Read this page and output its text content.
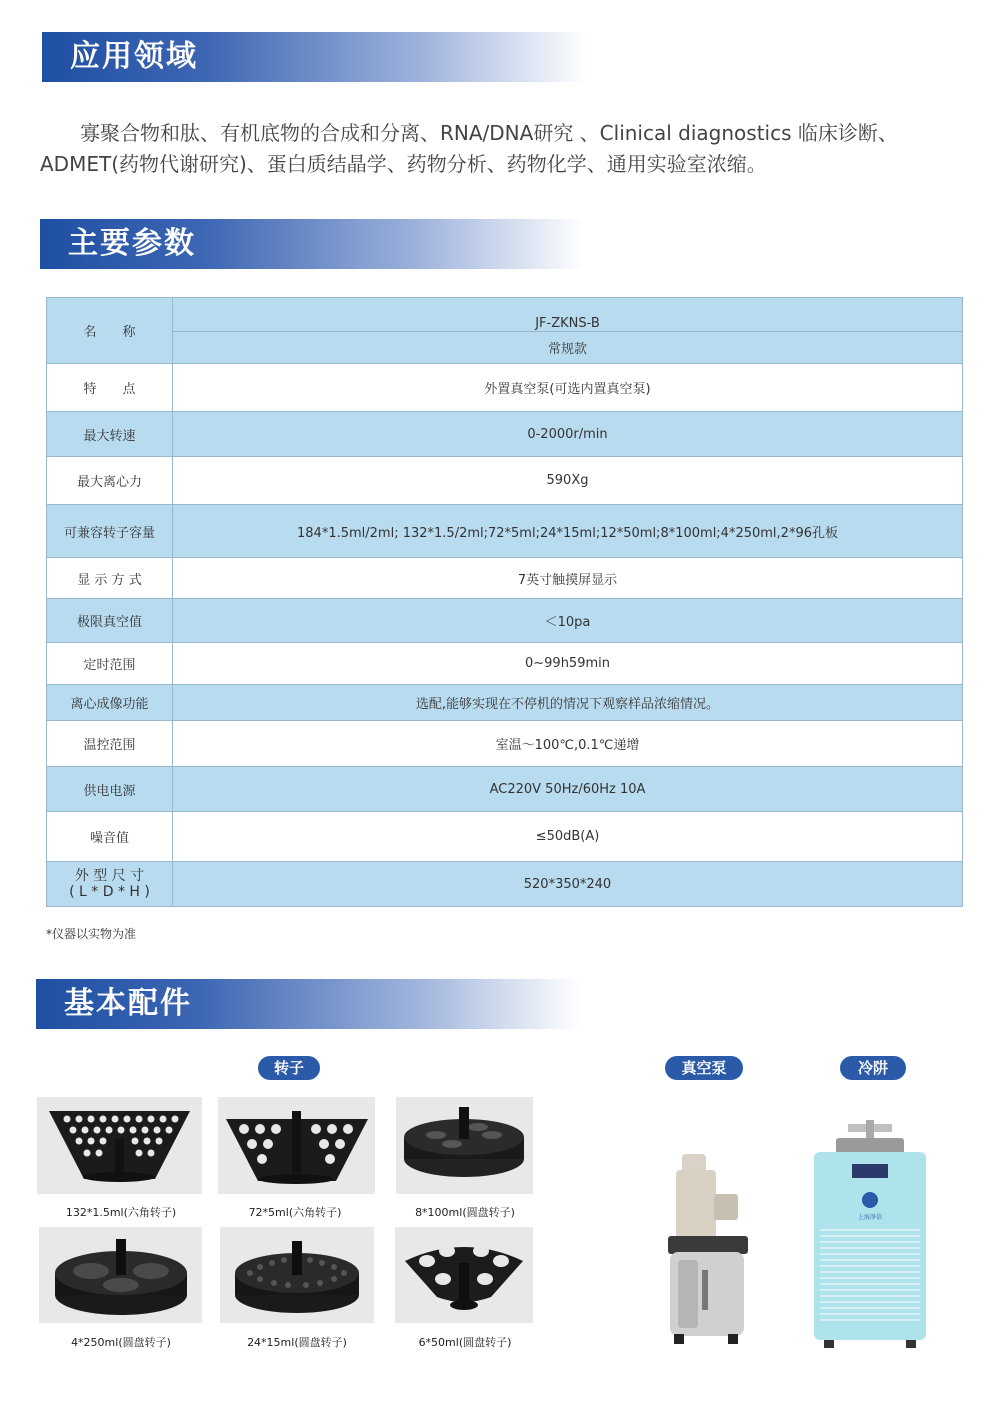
应用领域

寡聚合物和肽、有机底物的合成和分离、RNA/DNA研究 、Clinical diagnostics 临床诊断、ADMET(药物代谢研究)、蛋白质结晶学、药物分析、药物化学、通用实验室浓缩。

主要参数
名　　称	JF-ZKNS-B
	常规款
特　　点	外置真空泵(可选内置真空泵)
最大转速	0-2000r/min
最大离心力	590Xg
可兼容转子容量	184*1.5ml/2ml; 132*1.5/2ml;72*5ml;24*15ml;12*50ml;8*100ml;4*250ml,2*96孔板
显 示 方 式	7英寸触摸屏显示
极限真空值	＜10pa
定时范围	0~99h59min
离心成像功能	选配,能够实现在不停机的情况下观察样品浓缩情况。
温控范围	室温～100℃,0.1℃递增
供电电源	AC220V 50Hz/60Hz 10A
噪音值	≤50dB(A)

外 型 尺 寸
( L * D * H )	520*350*240
*仪器以实物为准
基本配件
转子	真空泵	冷阱
132*1.5ml(六角转子)	72*5ml(六角转子)	8*100ml(圆盘转子)
4*250ml(圆盘转子)	24*15ml(圆盘转子)	6*50ml(圆盘转子)
上海净信
